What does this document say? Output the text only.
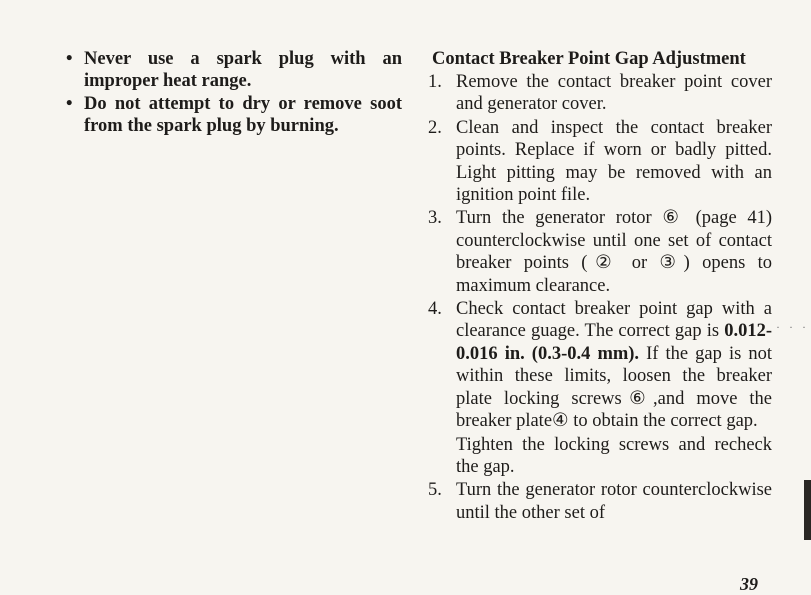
• Never use a spark plug with an improper heat range.
• Do not attempt to dry or remove soot from the spark plug by burning.
Contact Breaker Point Gap Adjustment
1. Remove the contact breaker point cover and generator cover.
2. Clean and inspect the contact breaker points. Replace if worn or badly pitted. Light pitting may be removed with an ignition point file.
3. Turn the generator rotor ⑥ (page 41) counterclockwise until one set of contact breaker points (② or ③) opens to maximum clearance.
4. Check contact breaker point gap with a clearance guage. The correct gap is 0.012-0.016 in. (0.3-0.4 mm). If the gap is not within these limits, loosen the breaker plate locking screws⑥,and move the breaker plate④ to obtain the correct gap.
Tighten the locking screws and recheck the gap.
5. Turn the generator rotor counterclockwise until the other set of
39
· · ·
